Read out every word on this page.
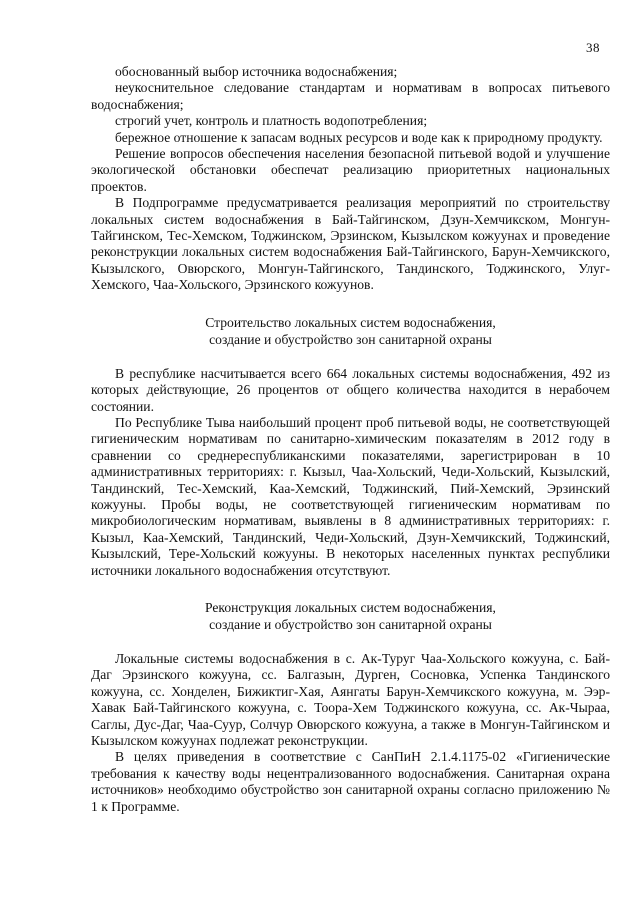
38

обоснованный выбор источника водоснабжения;

неукоснительное следование стандартам и нормативам в вопросах питьевого водоснабжения;

строгий учет, контроль и платность водопотребления;

бережное отношение к запасам водных ресурсов и воде как к природному продукту.

Решение вопросов обеспечения населения безопасной питьевой водой и улучшение экологической обстановки обеспечат реализацию приоритетных национальных проектов.

В Подпрограмме предусматривается реализация мероприятий по строительству локальных систем водоснабжения в Бай-Тайгинском, Дзун-Хемчикском, Монгун-Тайгинском, Тес-Хемском, Тоджинском, Эрзинском, Кызылском кожуунах и проведение реконструкции локальных систем водоснабжения Бай-Тайгинского, Барун-Хемчикского, Кызылского, Овюрского, Монгун-Тайгинского, Тандинского, Тоджинского, Улуг-Хемского, Чаа-Хольского, Эрзинского кожуунов.

Строительство локальных систем водоснабжения,
создание и обустройство зон санитарной охраны

В республике насчитывается всего 664 локальных системы водоснабжения, 492 из которых действующие, 26 процентов от общего количества находится в нерабочем состоянии.

По Республике Тыва наибольший процент проб питьевой воды, не соответствующей гигиеническим нормативам по санитарно-химическим показателям в 2012 году в сравнении со среднереспубликанскими показателями, зарегистрирован в 10 административных территориях: г. Кызыл, Чаа-Хольский, Чеди-Хольский, Кызылский, Тандинский, Тес-Хемский, Каа-Хемский, Тоджинский, Пий-Хемский, Эрзинский кожууны. Пробы воды, не соответствующей гигиеническим нормативам по микробиологическим нормативам, выявлены в 8 административных территориях: г. Кызыл, Каа-Хемский, Тандинский, Чеди-Хольский, Дзун-Хемчикский, Тоджинский, Кызылский, Тере-Хольский кожууны. В некоторых населенных пунктах республики источники локального водоснабжения отсутствуют.

Реконструкция локальных систем водоснабжения,
создание и обустройство зон санитарной охраны

Локальные системы водоснабжения в с. Ак-Туруг Чаа-Хольского кожууна, с. Бай-Даг Эрзинского кожууна, сс. Балгазын, Дурген, Сосновка, Успенка Тандинского кожууна, сс. Хонделен, Бижиктиг-Хая, Аянгаты Барун-Хемчикского кожууна, м. Ээр-Хавак Бай-Тайгинского кожууна, с. Тоора-Хем Тоджинского кожууна, сс. Ак-Чыраа, Саглы, Дус-Даг, Чаа-Суур, Солчур Овюрского кожууна, а также в Монгун-Тайгинском и Кызылском кожуунах подлежат реконструкции.

В целях приведения в соответствие с СанПиН 2.1.4.1175-02 «Гигиенические требования к качеству воды нецентрализованного водоснабжения. Санитарная охрана источников» необходимо обустройство зон санитарной охраны согласно приложению № 1 к Программе.
